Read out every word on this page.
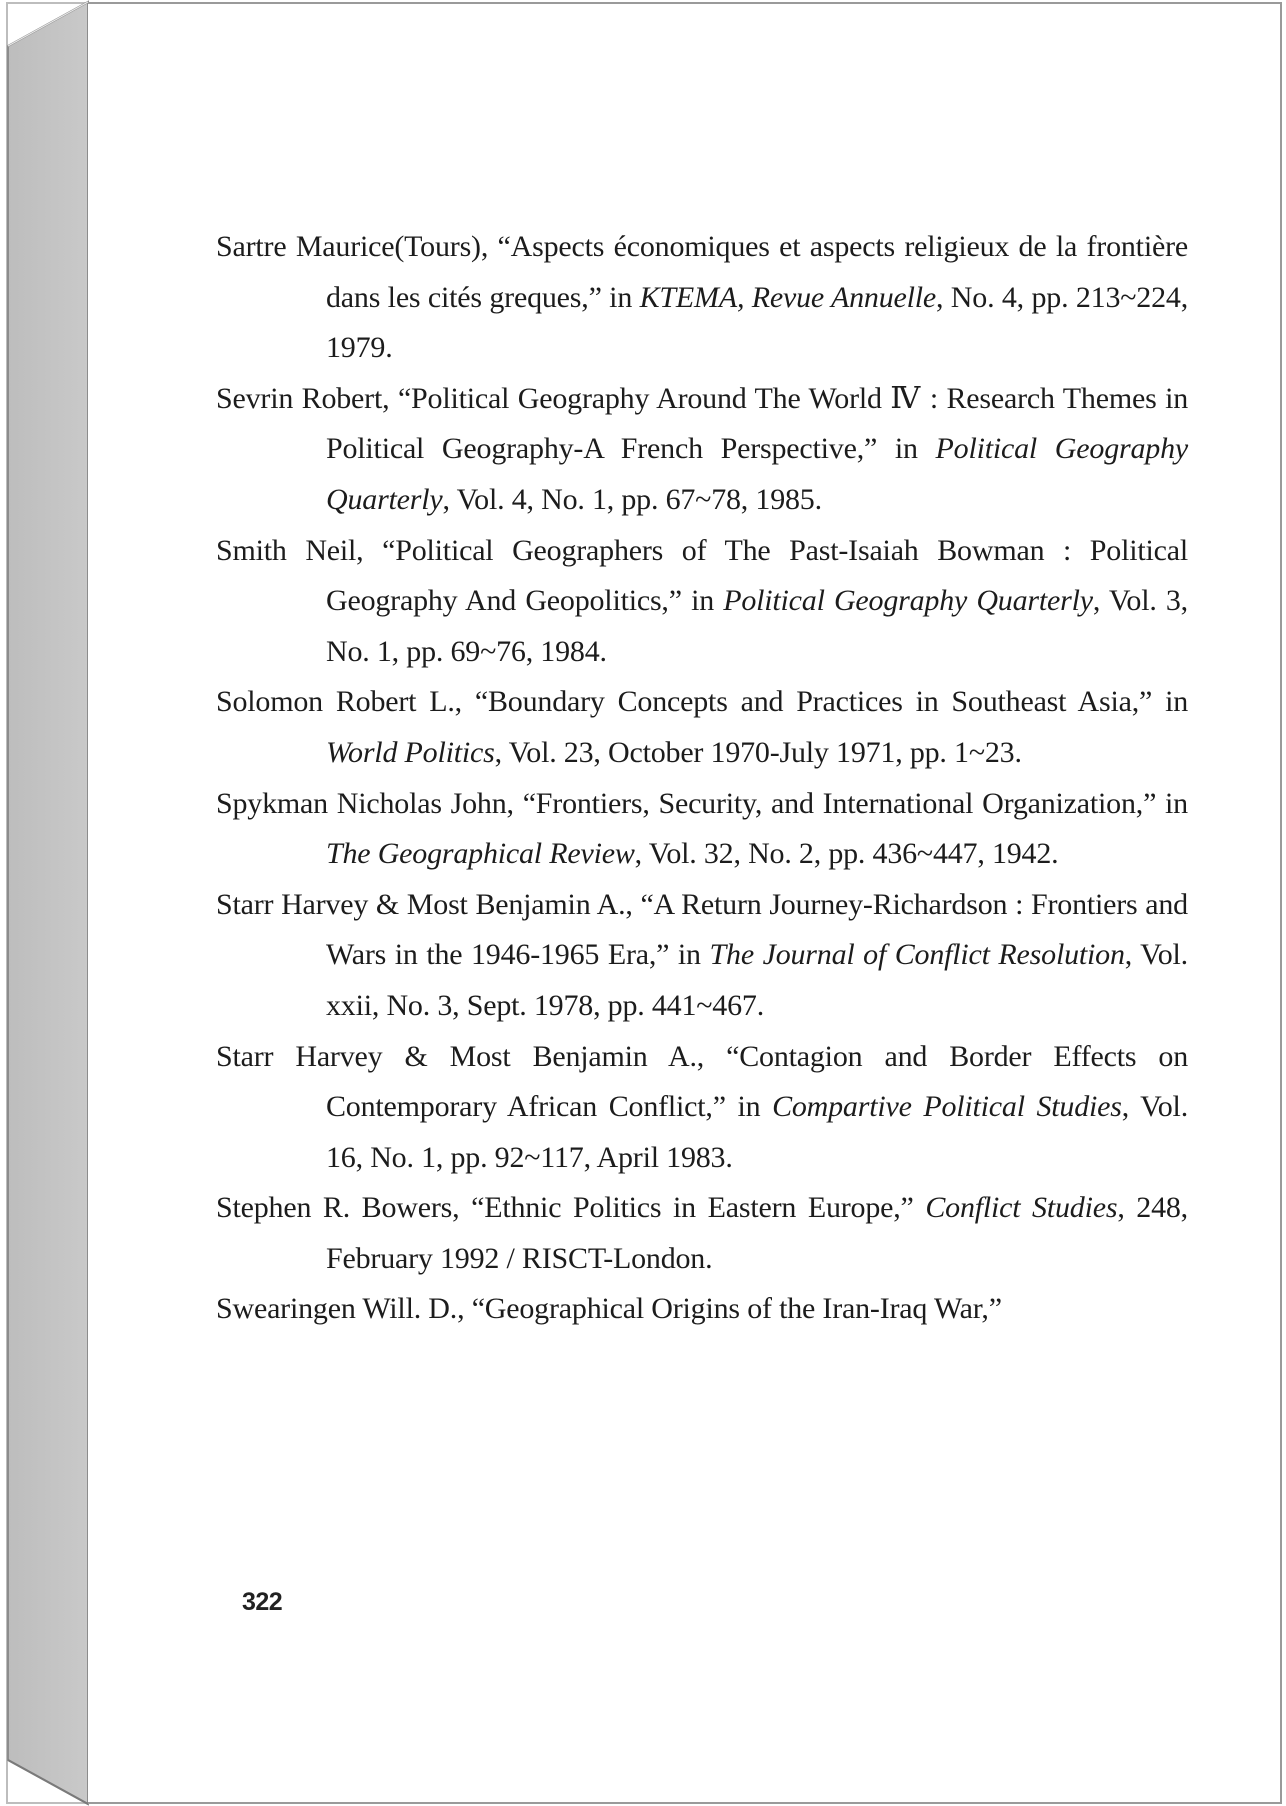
Sartre Maurice(Tours), “Aspects économiques et aspects religieux de la frontière dans les cités greques,” in KTEMA, Revue Annuelle, No. 4, pp. 213~224, 1979.

Sevrin Robert, “Political Geography Around The World Ⅳ : Research Themes in Political Geography-A French Perspective,” in Political Geography Quarterly, Vol. 4, No. 1, pp. 67~78, 1985.

Smith Neil, “Political Geographers of The Past-Isaiah Bowman : Political Geography And Geopolitics,” in Political Geography Quarterly, Vol. 3, No. 1, pp. 69~76, 1984.

Solomon Robert L., “Boundary Concepts and Practices in Southeast Asia,” in World Politics, Vol. 23, October 1970-July 1971, pp. 1~23.

Spykman Nicholas John, “Frontiers, Security, and International Organization,” in The Geographical Review, Vol. 32, No. 2, pp. 436~447, 1942.

Starr Harvey & Most Benjamin A., “A Return Journey-Richardson : Frontiers and Wars in the 1946-1965 Era,” in The Journal of Conflict Resolution, Vol. xxii, No. 3, Sept. 1978, pp. 441~467.

Starr Harvey & Most Benjamin A., “Contagion and Border Effects on Contemporary African Conflict,” in Compartive Political Studies, Vol. 16, No. 1, pp. 92~117, April 1983.

Stephen R. Bowers, “Ethnic Politics in Eastern Europe,” Conflict Studies, 248, February 1992 / RISCT-London.

Swearingen Will. D., “Geographical Origins of the Iran-Iraq War,”

322
